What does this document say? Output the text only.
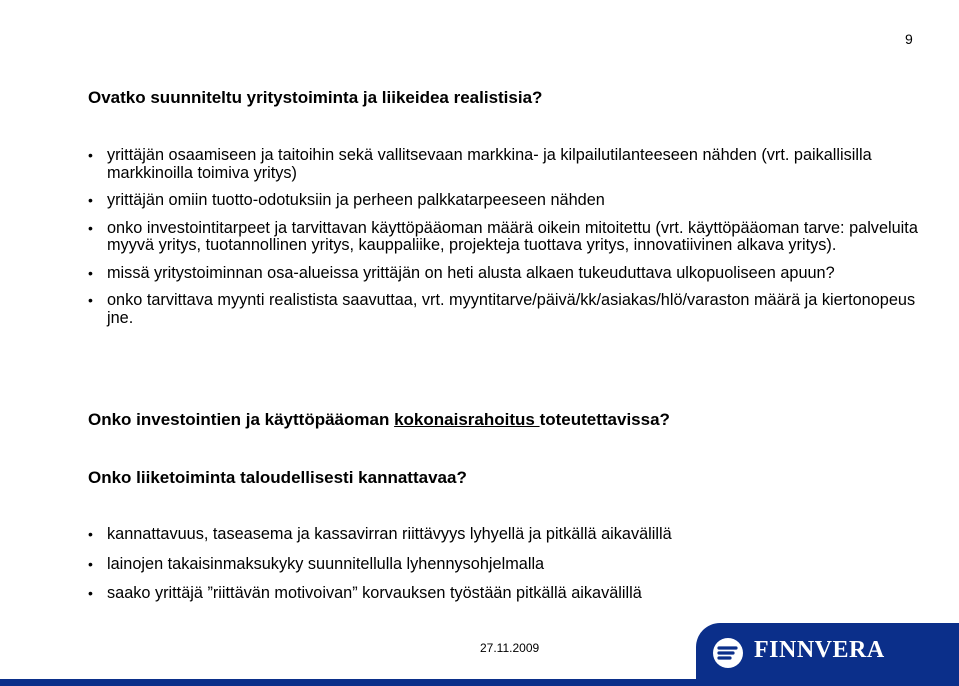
9
Ovatko suunniteltu yritystoiminta ja liikeidea realistisia?
• yrittäjän osaamiseen ja taitoihin sekä vallitsevaan markkina- ja kilpailutilanteeseen nähden (vrt. paikallisilla markkinoilla toimiva yritys)
• yrittäjän omiin tuotto-odotuksiin ja perheen palkkatarpeeseen nähden
• onko investointitarpeet ja tarvittavan käyttöpääoman määrä oikein mitoitettu (vrt. käyttöpääoman tarve: palveluita myyvä yritys, tuotannollinen yritys, kauppaliike, projekteja tuottava yritys, innovatiivinen alkava yritys).
• missä yritystoiminnan osa-alueissa yrittäjän on heti alusta alkaen tukeuduttava ulkopuoliseen apuun?
• onko tarvittava myynti realistista saavuttaa, vrt. myyntitarve/päivä/kk/asiakas/hlö/varaston määrä ja kiertonopeus jne.
Onko investointien ja käyttöpääoman kokonaisrahoitus toteutettavissa?
Onko liiketoiminta taloudellisesti kannattavaa?
• kannattavuus, taseasema ja kassavirran riittävyys lyhyellä ja pitkällä aikavälillä
• lainojen takaisinmaksukyky suunnitellulla lyhennysohjelmalla
• saako yrittäjä ”riittävän motivoivan” korvauksen työstään pitkällä aikavälillä
27.11.2009	FINNVERA
